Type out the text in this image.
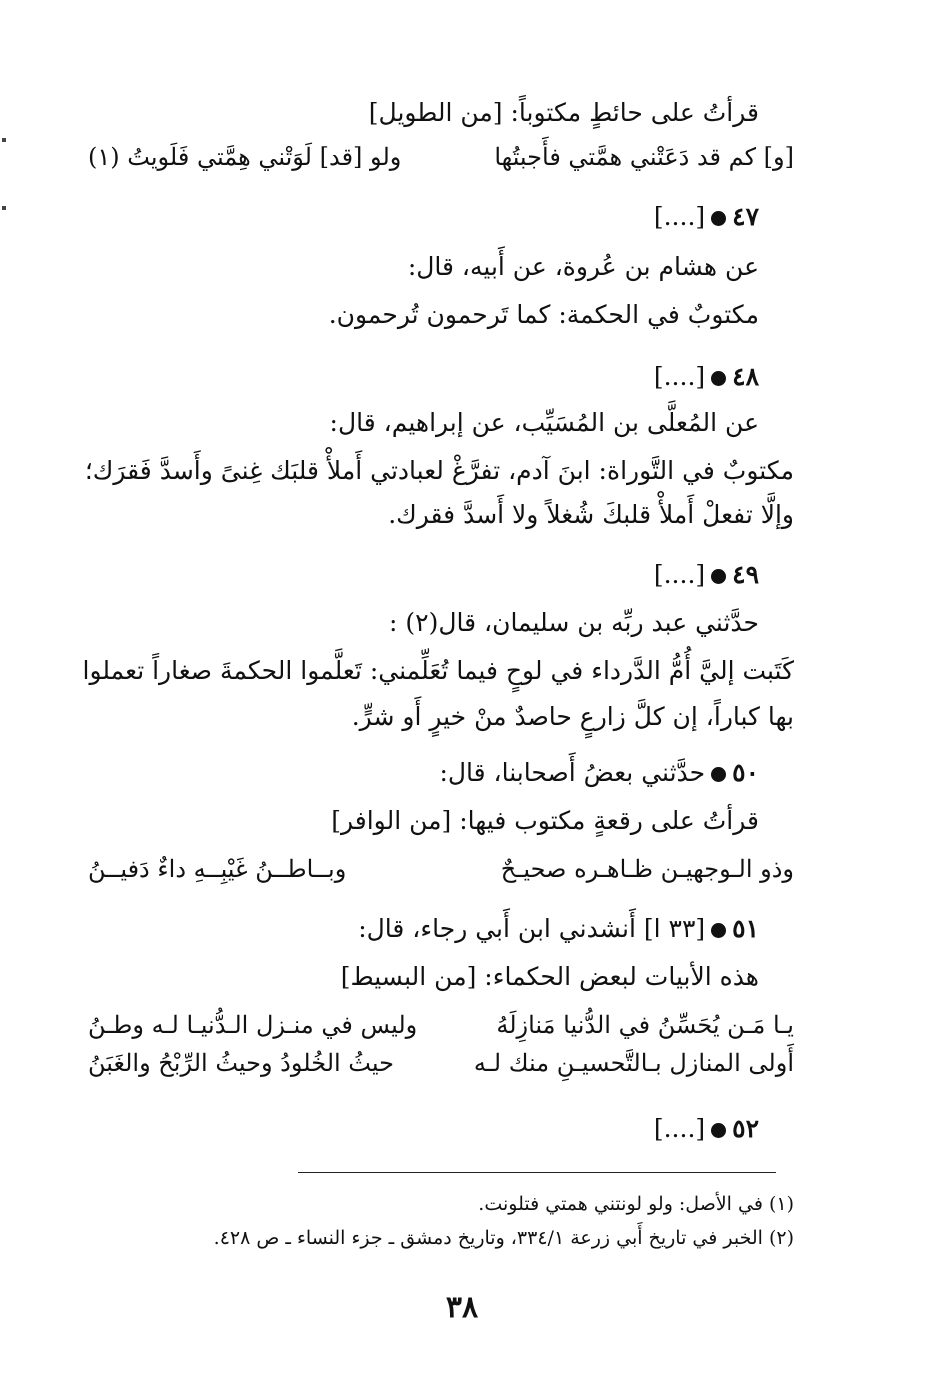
قرأتُ على حائطٍ مكتوباً: [من الطويل]
[و] كم قد دَعَتْني همَّتي فأَجبتُها
ولو [قد] لَوَتْني هِمَّتي فَلَويتُ (١)
٤٧[....]
عن هشام بن عُروة، عن أَبيه، قال:
مكتوبٌ في الحكمة: كما تَرحمون تُرحمون.
٤٨[....]
عن المُعلَّى بن المُسَيِّب، عن إبراهيم، قال:
مكتوبٌ في التَّوراة: ابنَ آدم، تفرَّغْ لعبادتي أَملأْ قلبَك غِنىً وأَسدَّ فَقرَك؛
وإلَّا تفعلْ أَملأْ قلبكَ شُغلاً ولا أَسدَّ فقرك.
٤٩[....]
حدَّثني عبد ربِّه بن سليمان، قال(٢) :
كَتَبت إليَّ أُمُّ الدَّرداء في لوحٍ فيما تُعَلِّمني: تَعلَّموا الحكمةَ صغاراً تعملوا
بها كباراً، إن كلَّ زارعٍ حاصدٌ منْ خيرٍ أَو شرٍّ.
٥٠حدَّثني بعضُ أَصحابنا، قال:
قرأتُ على رقعةٍ مكتوب فيها: [من الوافر]
وذو الـوجهيـن ظـاهـره صحيـحٌ
وبــاطــنُ غَيْبِــهِ داءٌ دَفيــنُ
٥١[٣٣ ا] أَنشدني ابن أَبي رجاء، قال:
هذه الأبيات لبعض الحكماء: [من البسيط]
يـا مَـن يُحَسِّنُ في الدُّنيا مَنازِلَهُ
وليس في منـزل الـدُّنيـا لـه وطـنُ
أَولى المنازل بـالتَّحسيـنِ منك لـه
حيثُ الخُلودُ وحيثُ الرِّبْحُ والغَبَنُ
٥٢[....]
(١) في الأصل: ولو لونتني همتي فتلونت.
(٢) الخبر في تاريخ أَبي زرعة ٣٣٤/١، وتاريخ دمشق ـ جزء النساء ـ ص ٤٢٨.
٣٨
